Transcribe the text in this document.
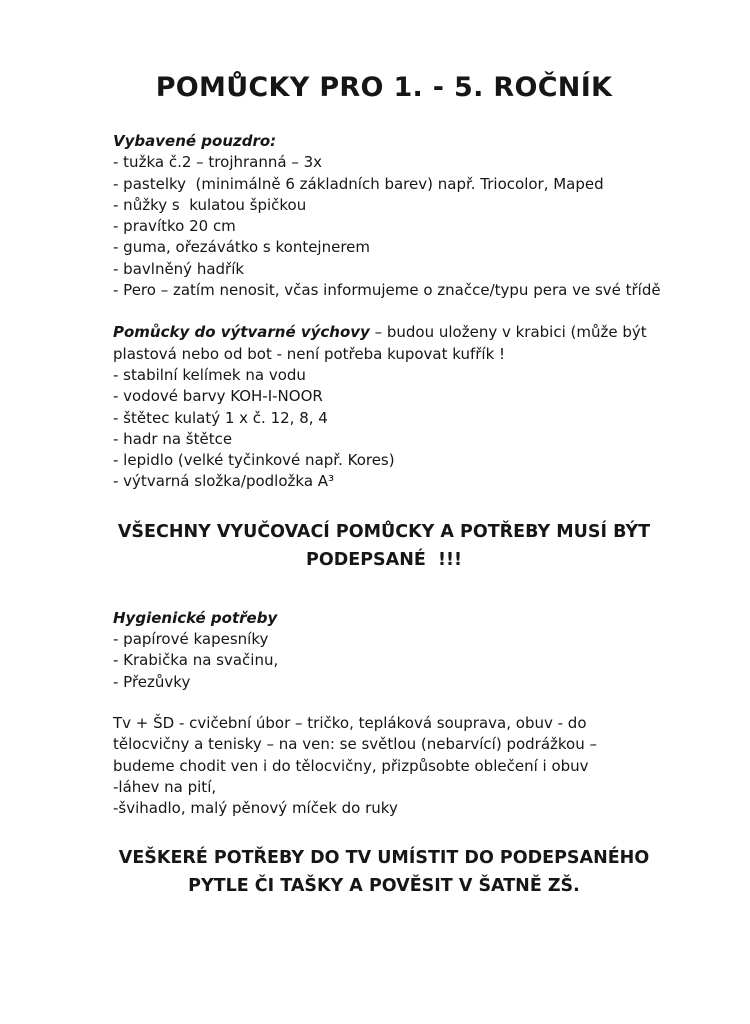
POMŮCKY PRO 1. - 5. ROČNÍK

Vybavené pouzdro:

- tužka č.2 – trojhranná – 3x

- pastelky  (minimálně 6 základních barev) např. Triocolor, Maped

- nůžky s  kulatou špičkou

- pravítko 20 cm

- guma, ořezávátko s kontejnerem

- bavlněný hadřík

- Pero – zatím nenosit, včas informujeme o značce/typu pera ve své třídě

Pomůcky do výtvarné výchovy – budou uloženy v krabici (může být plastová nebo od bot - není potřeba kupovat kufřík !

- stabilní kelímek na vodu

- vodové barvy KOH-I-NOOR

- štětec kulatý 1 x č. 12, 8, 4

- hadr na štětce

- lepidlo (velké tyčinkové např. Kores)

- výtvarná složka/podložka A³

VŠECHNY VYUČOVACÍ POMŮCKY A POTŘEBY MUSÍ BÝT
PODEPSANÉ  !!!

Hygienické potřeby

- papírové kapesníky

- Krabička na svačinu,

- Přezůvky

Tv + ŠD - cvičební úbor – tričko, tepláková souprava, obuv - do tělocvičny a tenisky – na ven: se světlou (nebarvící) podrážkou – budeme chodit ven i do tělocvičny, přizpůsobte oblečení i obuv

-láhev na pití,

-švihadlo, malý pěnový míček do ruky

VEŠKERÉ POTŘEBY DO TV UMÍSTIT DO PODEPSANÉHO
PYTLE ČI TAŠKY A POVĚSIT V ŠATNĚ ZŠ.
